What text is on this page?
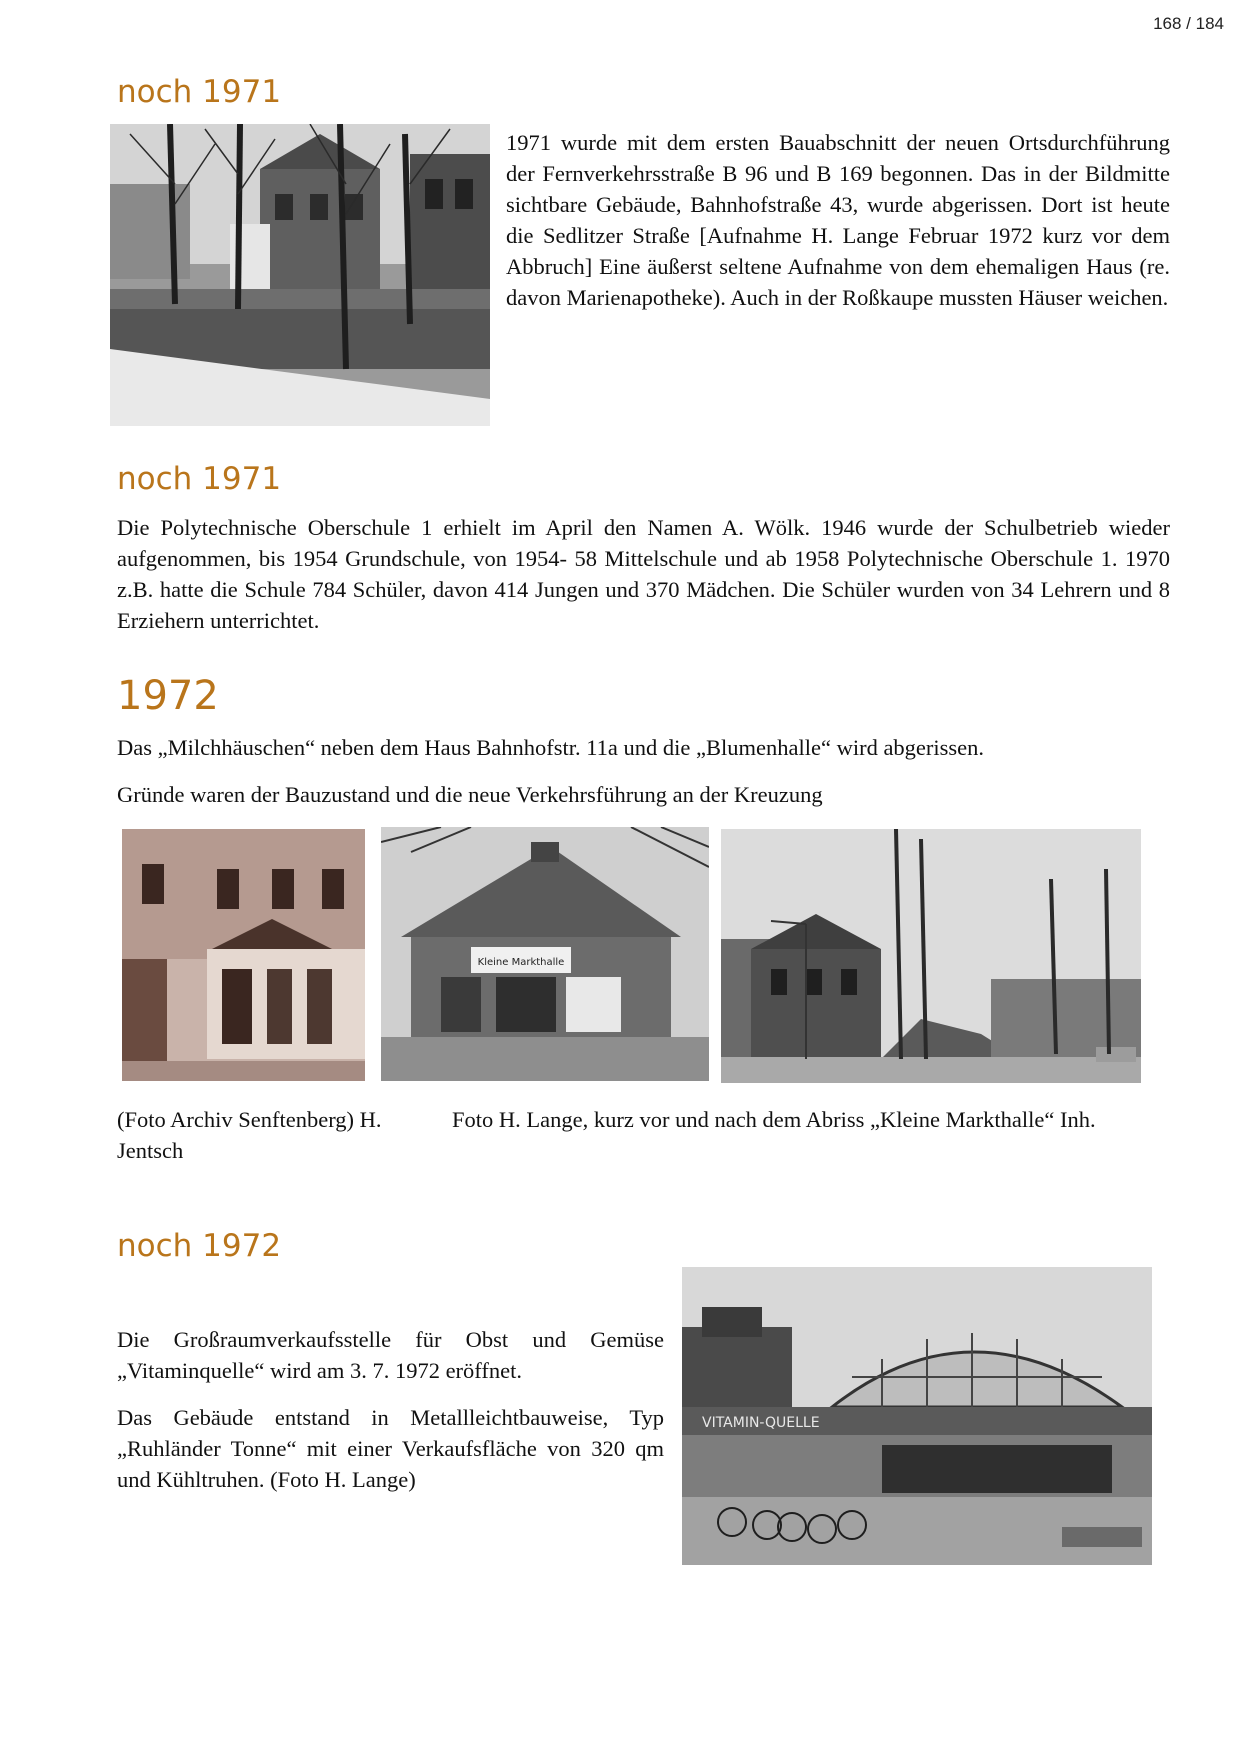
168 / 184
noch 1971

1971 wurde mit dem ersten Bauabschnitt der neuen Ortsdurchführung der Fernverkehrsstraße B 96 und B 169 begonnen. Das in der Bildmitte sichtbare Gebäude, Bahnhofstraße 43, wurde abgerissen. Dort ist heute die Sedlitzer Straße [Aufnahme H. Lange Februar 1972 kurz vor dem Abbruch] Eine äußerst seltene Aufnahme von dem ehemaligen Haus (re. davon Marienapotheke). Auch in der Roßkaupe mussten Häuser weichen.

noch 1971

Die Polytechnische Oberschule 1 erhielt im April den Namen A. Wölk. 1946 wurde der Schulbetrieb wieder aufgenommen, bis 1954 Grundschule, von 1954- 58 Mittelschule und ab 1958 Polytechnische Oberschule 1. 1970 z.B. hatte die Schule 784 Schüler, davon 414 Jungen und 370 Mädchen. Die Schüler wurden von 34 Lehrern und 8 Erziehern unterrichtet.

1972

Das „Milchhäuschen“ neben dem Haus Bahnhofstr. 11a und die „Blumenhalle“ wird abgerissen.

Gründe waren der Bauzustand und die neue Verkehrsführung an der Kreuzung

Kleine Markthalle

(Foto Archiv Senftenberg) H. Jentsch

Foto H. Lange, kurz vor und nach dem Abriss „Kleine Markthalle“ Inh.

noch 1972

Die Großraumverkaufsstelle für Obst und Gemüse „Vitaminquelle“ wird am 3. 7. 1972 eröffnet.

Das Gebäude entstand in Metallleichtbauweise, Typ „Ruhländer Tonne“ mit einer Verkaufsfläche von 320 qm und Kühltruhen. (Foto H. Lange)

VITAMIN-QUELLE
